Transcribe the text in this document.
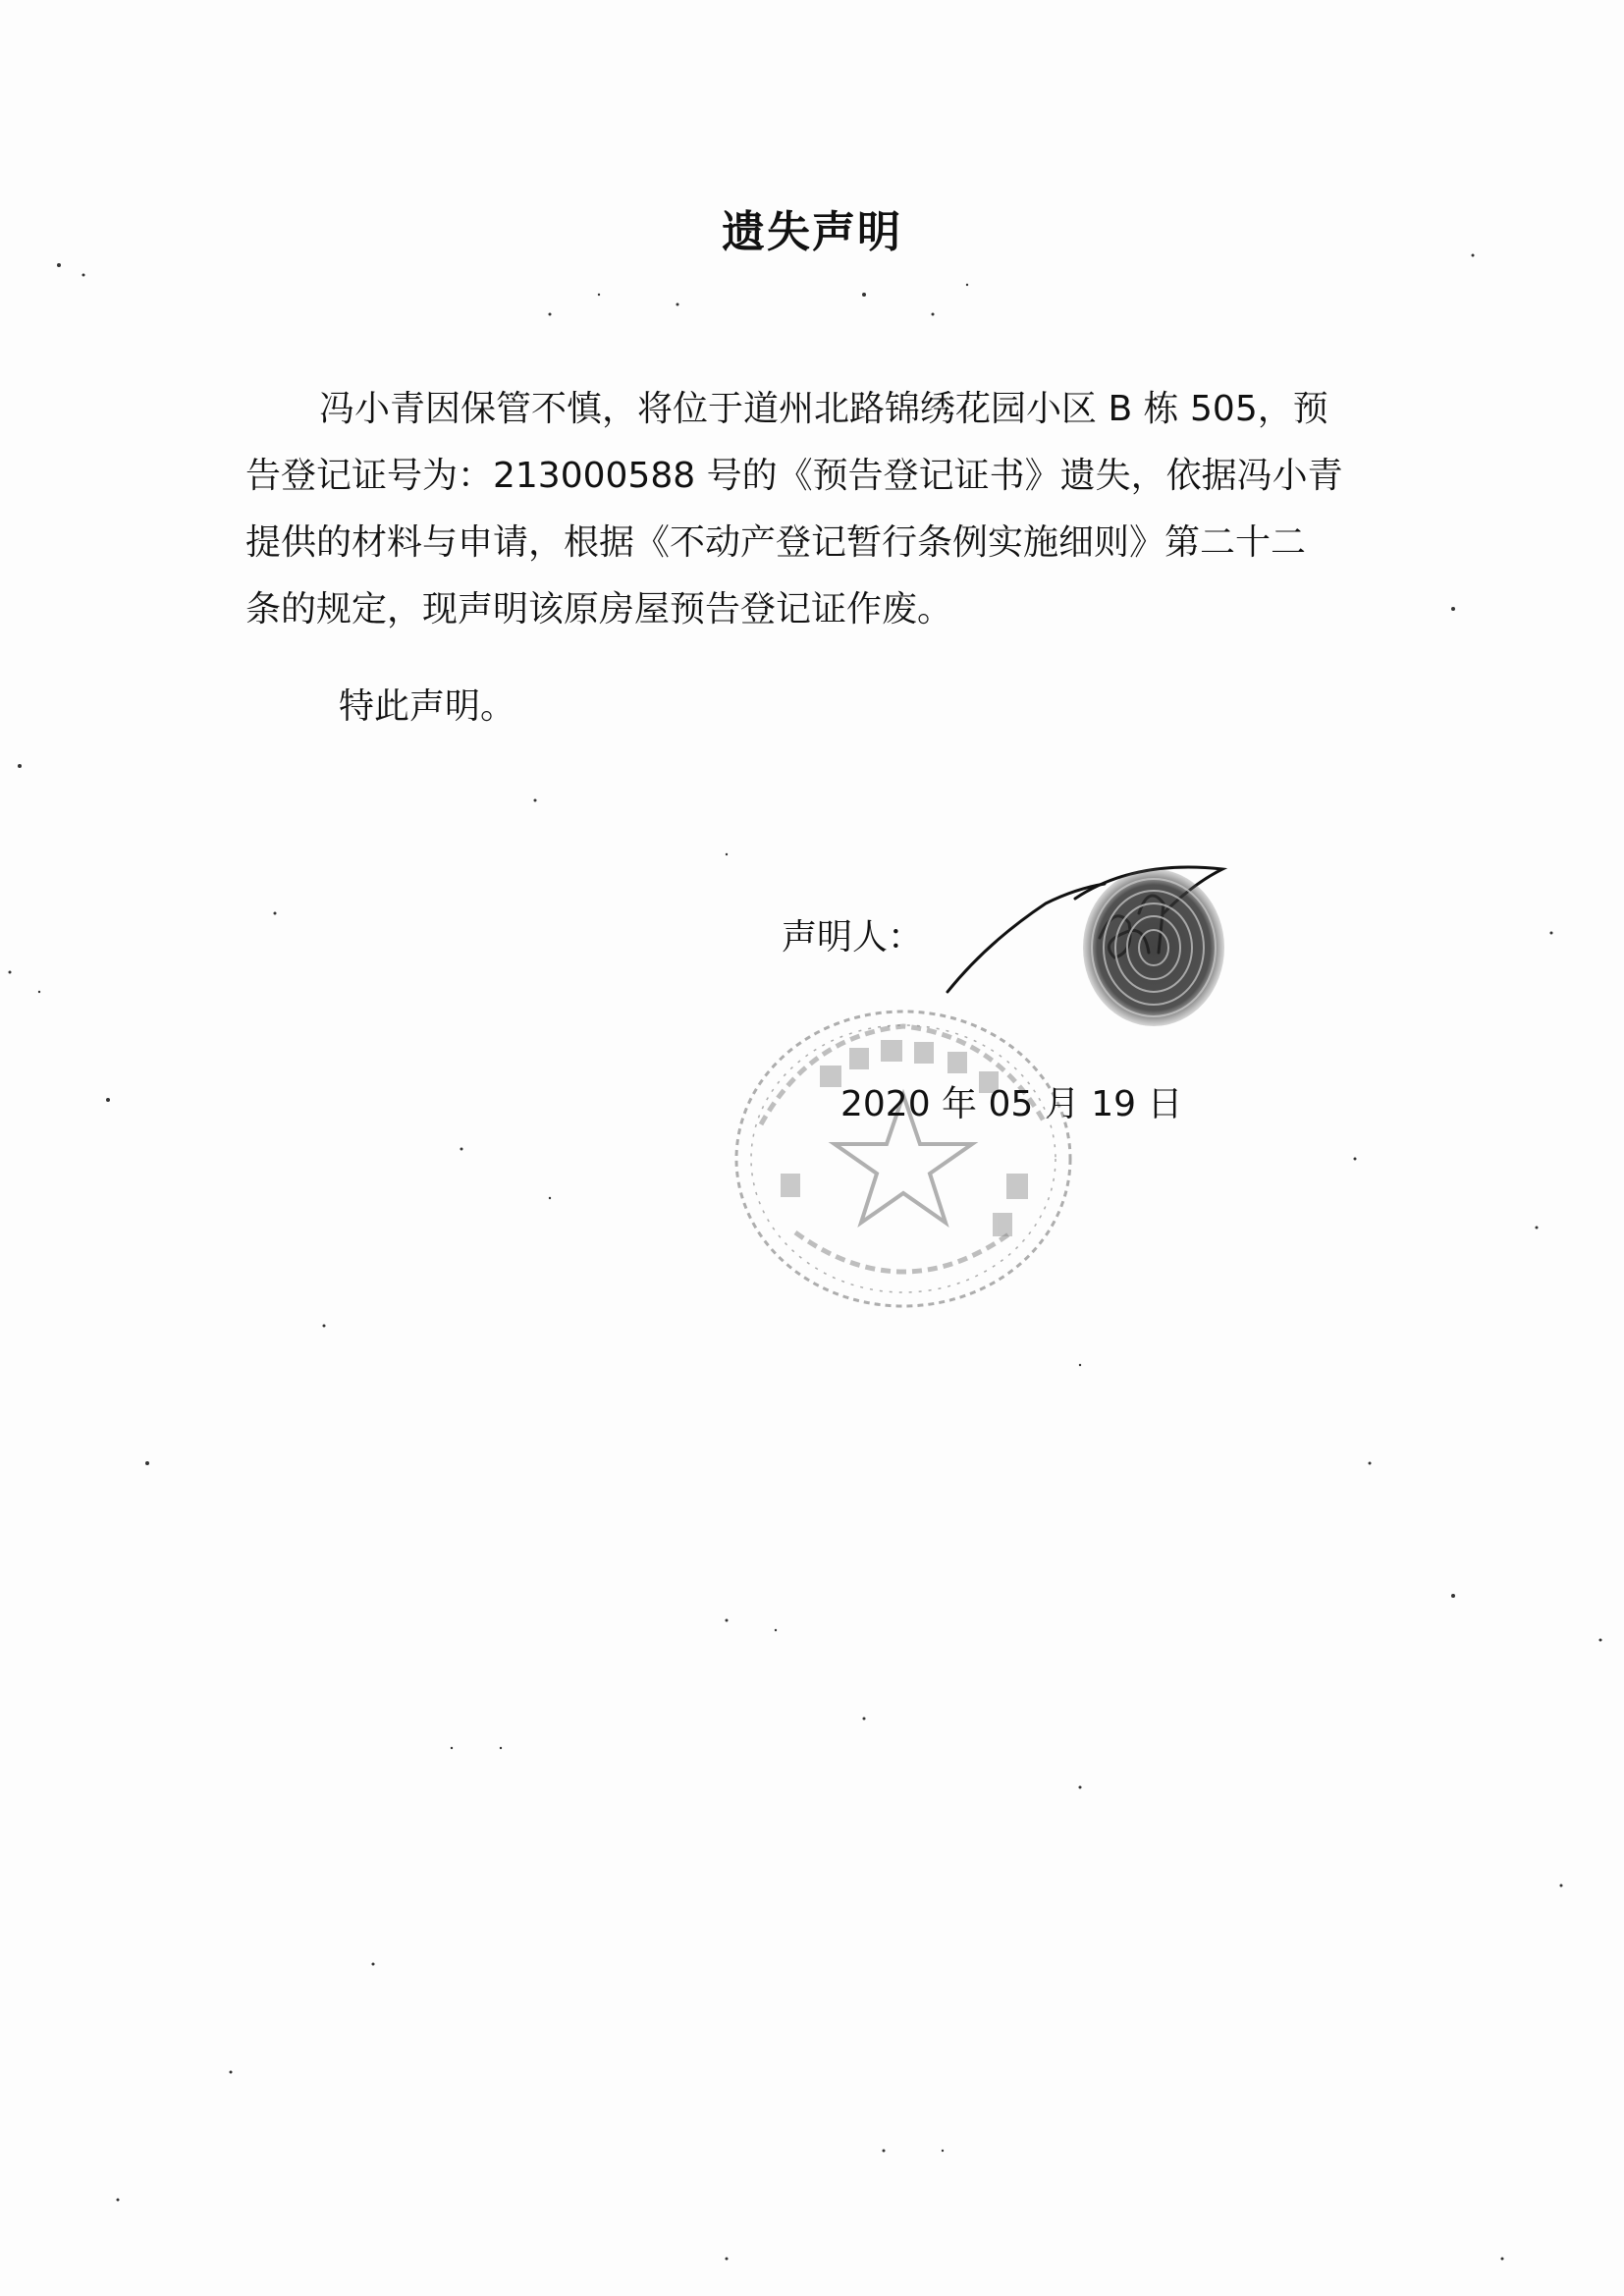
遗失声明
冯小青因保管不慎，将位于道州北路锦绣花园小区 B 栋 505，预
告登记证号为：213000588 号的《预告登记证书》遗失，依据冯小青
提供的材料与申请，根据《不动产登记暂行条例实施细则》第二十二
条的规定，现声明该原房屋预告登记证作废。
特此声明。
声明人：
2020 年 05 月 19 日
